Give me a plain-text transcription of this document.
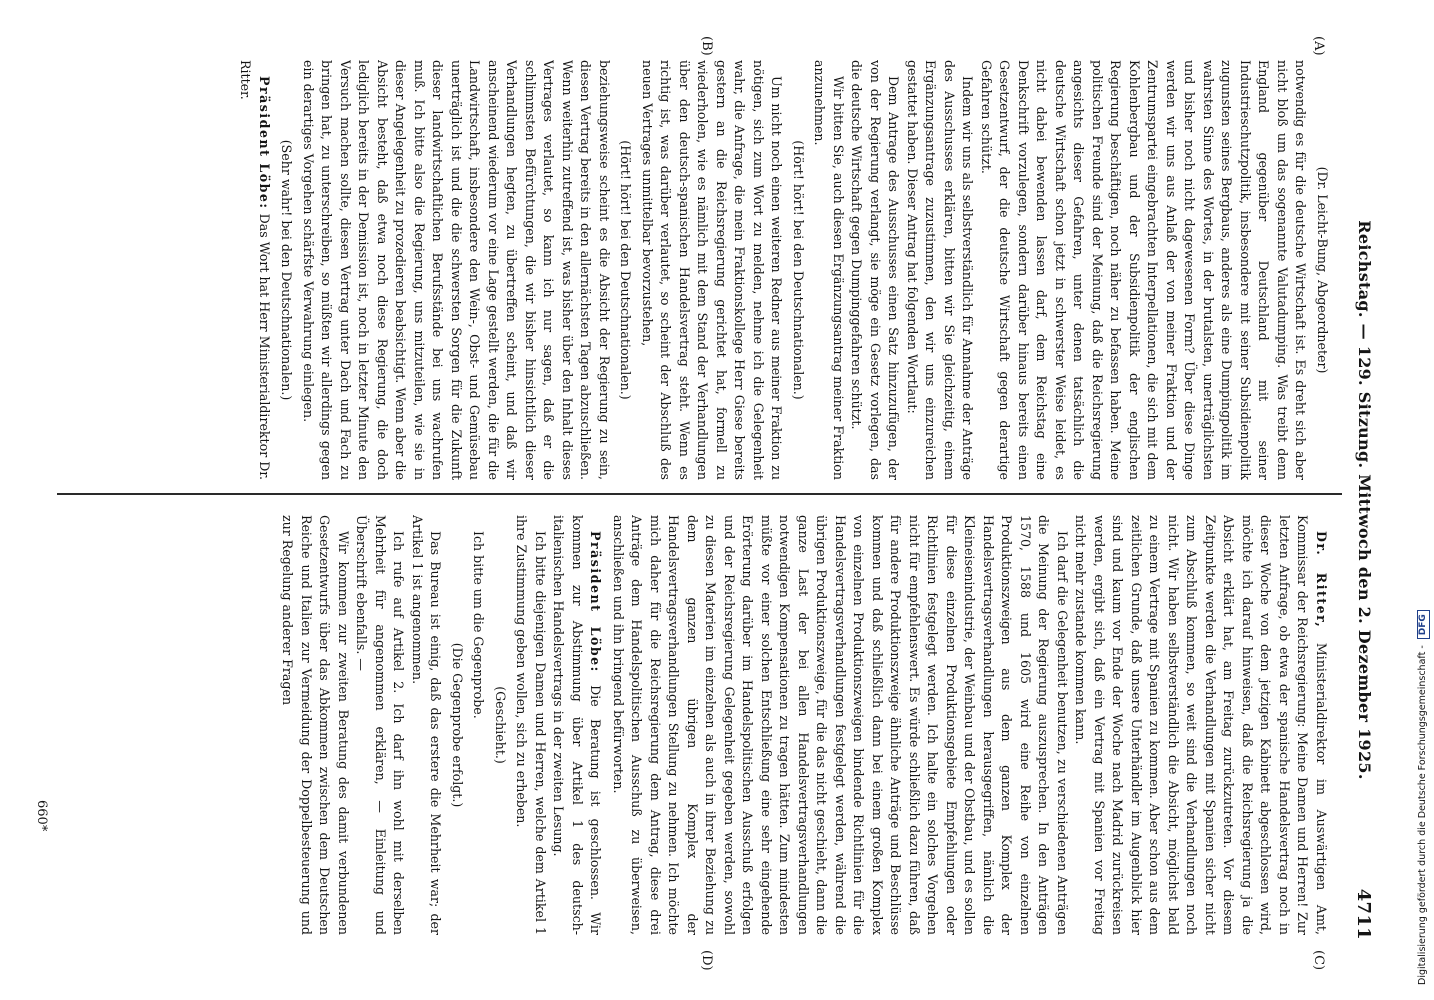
Reichstag. — 129. Sitzung. Mittwoch den 2. Dezember 1925.
4711
(A)
(B)
(C)
(D)

(Dr. Leicht-Bung, Abgeordneter)

notwendig es für die deutsche Wirtschaft ist. Es dreht sich aber nicht bloß um das sogenannte Valutadumping. Was treibt denn England gegenüber Deutschland mit seiner Industrieschutzpolitik, insbesondere mit seiner Subsidienpolitik zugunsten seines Bergbaus, anderes als eine Dumpingpolitik im wahrsten Sinne des Wortes, in der brutalsten, unerträglichsten und bisher noch nicht dagewesenen Form? Über diese Dinge werden wir uns aus Anlaß der von meiner Fraktion und der Zentrumspartei eingebrachten Interpellationen, die sich mit dem Kohlenbergbau und der Subsidienpolitik der englischen Regierung beschäftigen, noch näher zu befassen haben. Meine politischen Freunde sind der Meinung, daß die Reichsregierung angesichts dieser Gefahren, unter denen tatsächlich die deutsche Wirtschaft schon jetzt in schwerster Weise leidet, es nicht dabei bewenden lassen darf, dem Reichstag eine Denkschrift vorzulegen, sondern darüber hinaus bereits einen Gesetzentwurf, der die deutsche Wirtschaft gegen derartige Gefahren schützt.

Indem wir uns als selbstverständlich für Annahme der Anträge des Ausschusses erklären, bitten wir Sie gleichzeitig, einem Ergänzungsantrage zuzustimmen, den wir uns einzureichen gestattet haben. Dieser Antrag hat folgenden Wortlaut:

Dem Antrage des Ausschusses einen Satz hinzuzufügen, der von der Regierung verlangt, sie möge ein Gesetz vorlegen, das die deutsche Wirtschaft gegen Dumpinggefahren schützt.

Wir bitten Sie, auch diesen Ergänzungsantrag meiner Fraktion anzunehmen.

(Hört! hört! bei den Deutschnationalen.)

Um nicht noch einen weiteren Redner aus meiner Fraktion zu nötigen, sich zum Wort zu melden, nehme ich die Gelegenheit wahr, die Anfrage, die mein Fraktionskollege Herr Giese bereits gestern an die Reichsregierung gerichtet hat, formell zu wiederholen, wie es nämlich mit dem Stand der Verhandlungen über den deutsch-spanischen Handelsvertrag steht. Wenn es richtig ist, was darüber verlautet, so scheint der Abschluß des neuen Vertrages unmittelbar bevorzustehen,

(Hört! hört! bei den Deutschnationalen.)

beziehungsweise scheint es die Absicht der Regierung zu sein, diesen Vertrag bereits in den allernächsten Tagen abzuschließen. Wenn weiterhin zutreffend ist, was bisher über den Inhalt dieses Vertrages verlautet, so kann ich nur sagen, daß er die schlimmsten Befürchtungen, die wir bisher hinsichtlich dieser Verhandlungen hegten, zu übertreffen scheint, und daß wir anscheinend wiederum vor eine Lage gestellt werden, die für die Landwirtschaft, insbesondere den Wein-, Obst- und Gemüsebau unerträglich ist und die die schwersten Sorgen für die Zukunft dieser landwirtschaftlichen Berufsstände bei uns wachrufen muß. Ich bitte also die Regierung, uns mitzuteilen, wie sie in dieser Angelegenheit zu prozedieren beabsichtigt. Wenn aber die Absicht besteht, daß etwa noch diese Regierung, die doch lediglich bereits in der Demission ist, noch in letzter Minute den Versuch machen sollte, diesen Vertrag unter Dach und Fach zu bringen hat, zu unterschreiben, so müßten wir allerdings gegen ein derartiges Vorgehen schärfste Verwahrung einlegen.

(Sehr wahr! bei den Deutschnationalen.)

Präsident Löbe: Das Wort hat Herr Ministerialdirektor Dr. Ritter.

Dr. Ritter, Ministerialdirektor im Auswärtigen Amt, Kommissar der Reichsregierung: Meine Damen und Herren! Zur letzten Anfrage, ob etwa der spanische Handelsvertrag noch in dieser Woche von dem jetzigen Kabinett abgeschlossen wird, möchte ich darauf hinweisen, daß die Reichsregierung ja die Absicht erklärt hat, am Freitag zurückzutreten. Vor diesem Zeitpunkte werden die Verhandlungen mit Spanien sicher nicht zum Abschluß kommen, so weit sind die Verhandlungen noch nicht. Wir haben selbstverständlich die Absicht, möglichst bald zu einem Vertrage mit Spanien zu kommen. Aber schon aus dem zeitlichen Grunde, daß unsere Unterhändler im Augenblick hier sind und kaum vor Ende der Woche nach Madrid zurückreisen werden, ergibt sich, daß ein Vertrag mit Spanien vor Freitag nicht mehr zustande kommen kann.

Ich darf die Gelegenheit benutzen, zu verschiedenen Anträgen die Meinung der Regierung auszusprechen. In den Anträgen 1570, 1588 und 1605 wird eine Reihe von einzelnen Produktionszweigen aus dem ganzen Komplex der Handelsvertragsverhandlungen herausgegriffen, nämlich die Kleineisenindustrie, der Weinbau und der Obstbau, und es sollen für diese einzelnen Produktionsgebiete Empfehlungen oder Richtlinien festgelegt werden. Ich halte ein solches Vorgehen nicht für empfehlenswert. Es würde schließlich dazu führen, daß für andere Produktionszweige ähnliche Anträge und Beschlüsse kommen und daß schließlich dann bei einem großen Komplex von einzelnen Produktionszweigen bindende Richtlinien für die Handelsvertragsverhandlungen festgelegt werden, während die übrigen Produktionszweige, für die das nicht geschieht, dann die ganze Last der bei allen Handelsvertragsverhandlungen notwendigen Kompensationen zu tragen hätten. Zum mindesten müßte vor einer solchen Entschließung eine sehr eingehende Erörterung darüber im Handelspolitischen Ausschuß erfolgen und der Reichsregierung Gelegenheit gegeben werden, sowohl zu diesen Materien im einzelnen als auch in ihrer Beziehung zu dem ganzen übrigen Komplex der Handelsvertragsverhandlungen Stellung zu nehmen. Ich möchte mich daher für die Reichsregierung dem Antrag, diese drei Anträge dem Handelspolitischen Ausschuß zu überweisen, anschließen und ihn bringend befürworten.

Präsident Löbe: Die Beratung ist geschlossen. Wir kommen zur Abstimmung über Artikel 1 des deutsch-italienischen Handelsvertrags in der zweiten Lesung.

Ich bitte diejenigen Damen und Herren, welche dem Artikel 1 ihre Zustimmung geben wollen, sich zu erheben.

(Geschieht.)

Ich bitte um die Gegenprobe.

(Die Gegenprobe erfolgt.)

Das Bureau ist einig, daß das erstere die Mehrheit war; der Artikel 1 ist angenommen.

Ich rufe auf Artikel 2. Ich darf ihn wohl mit derselben Mehrheit für angenommen erklären, — Einleitung und Überschrift ebenfalls. —

Wir kommen zur zweiten Beratung des damit verbundenen Gesetzentwurfs über das Abkommen zwischen dem Deutschen Reiche und Italien zur Vermeidung der Doppelbesteuerung und zur Regelung anderer Fragen

660*	Digitalisierung gefördert durch die Deutsche Forschungsgemeinschaft -DFG
